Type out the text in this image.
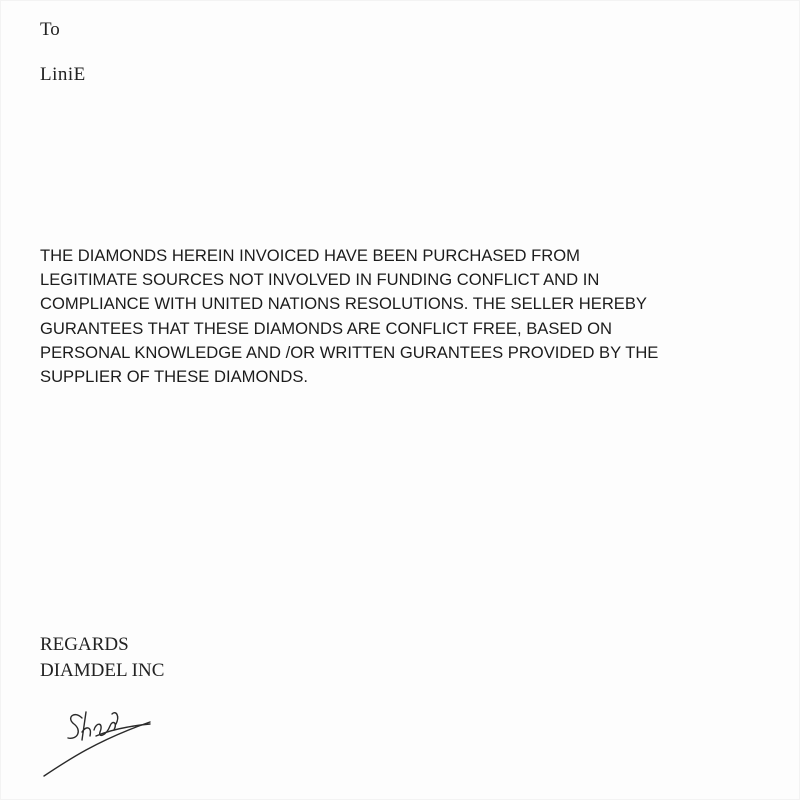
To

LiniE

THE DIAMONDS HEREIN INVOICED HAVE BEEN PURCHASED FROM
LEGITIMATE SOURCES NOT INVOLVED IN FUNDING CONFLICT AND IN
COMPLIANCE WITH UNITED NATIONS RESOLUTIONS. THE SELLER HEREBY
GURANTEES THAT THESE DIAMONDS ARE CONFLICT FREE, BASED ON
PERSONAL KNOWLEDGE AND /OR WRITTEN GURANTEES PROVIDED BY THE
SUPPLIER OF THESE DIAMONDS.

REGARDS

DIAMDEL INC
